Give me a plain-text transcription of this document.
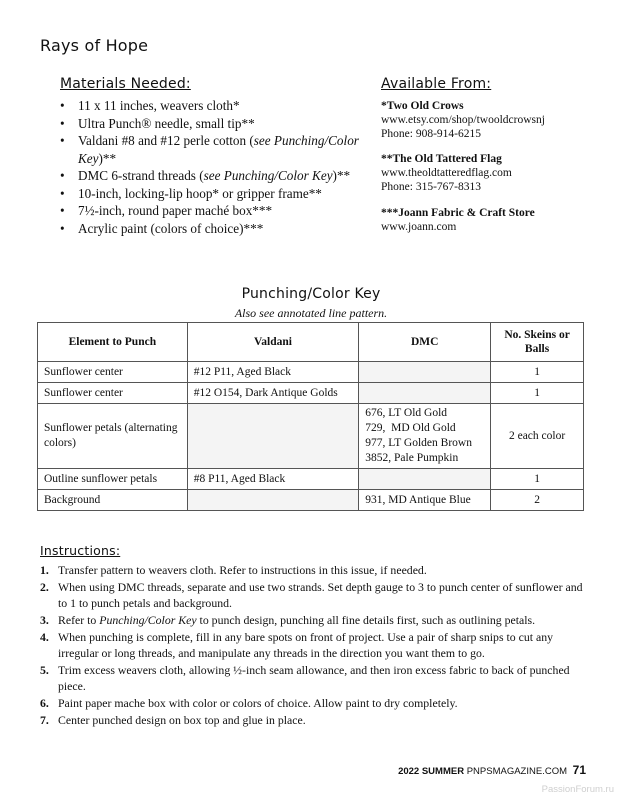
Rays of Hope
Materials Needed:
• 11 x 11 inches, weavers cloth*
• Ultra Punch® needle, small tip**
• Valdani #8 and #12 perle cotton (see Punching/Color Key)**
• DMC 6-strand threads (see Punching/Color Key)**
• 10-inch, locking-lip hoop* or gripper frame**
• 7½-inch, round paper maché box***
• Acrylic paint (colors of choice)***
Available From:
*Two Old Crows
www.etsy.com/shop/twooldcrowsnj
Phone: 908-914-6215
**The Old Tattered Flag
www.theoldtatteredflag.com
Phone: 315-767-8313
***Joann Fabric & Craft Store
www.joann.com
Punching/Color Key
Also see annotated line pattern.
Element to Punch	Valdani	DMC	No. Skeins or Balls
Sunflower center	#12 P11, Aged Black		1
Sunflower center	#12 O154, Dark Antique Golds		1
Sunflower petals (alternating colors)		676, LT Old Gold
729,  MD Old Gold
977, LT Golden Brown
3852, Pale Pumpkin	2 each color
Outline sunflower petals	#8 P11, Aged Black		1
Background		931, MD Antique Blue	2
Instructions:
1. Transfer pattern to weavers cloth. Refer to instructions in this issue, if needed.
2. When using DMC threads, separate and use two strands. Set depth gauge to 3 to punch center of sunflower and to 1 to punch petals and background.
3. Refer to Punching/Color Key to punch design, punching all fine details first, such as outlining petals.
4. When punching is complete, fill in any bare spots on front of project. Use a pair of sharp snips to cut any irregular or long threads, and manipulate any threads in the direction you want them to go.
5. Trim excess weavers cloth, allowing ½-inch seam allowance, and then iron excess fabric to back of punched piece.
6. Paint paper mache box with color or colors of choice. Allow paint to dry completely.
7. Center punched design on box top and glue in place.
2022 SUMMER PNPSMAGAZINE.COM 71
PassionForum.ru
